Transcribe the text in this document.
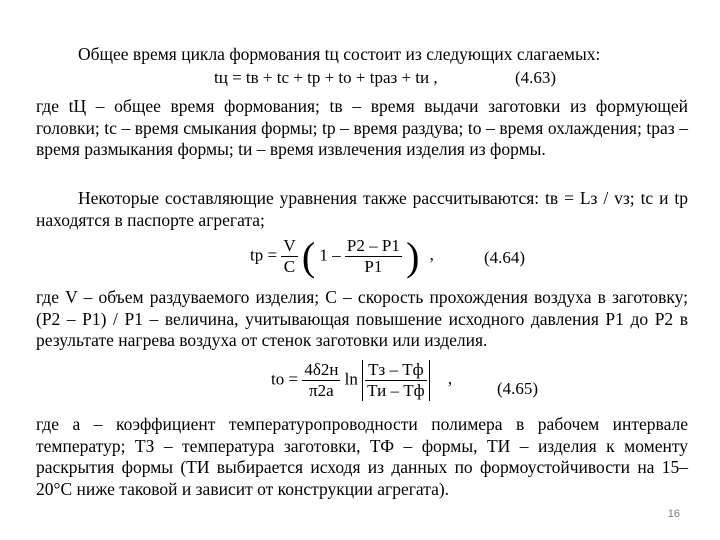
Общее время цикла формования tц состоит из следующих слагаемых:
tц = tв + tс + tр + tо + tраз + tи ,	(4.63)
где tЦ – общее время формования; tв – время выдачи заготовки из формующей головки; tс – время смыкания формы; tр – время раздува; tо – время охлаждения; tраз – время размыкания формы; tи – время извлечения изделия из формы.
Некоторые составляющие уравнения также рассчитываются: tв = Lз / vз; tс и tр находятся в паспорте агрегата;
tр = $\frac{V}{C}$ ( $1 - \frac{P2 - P1}{P1}$ ) ,	(4.64)
где V – объем раздуваемого изделия; C – скорость прохождения воздуха в заготовку; (P2 – P1) / P1 – величина, учитывающая повышение исходного давления P1 до P2 в результате нагрева воздуха от стенок заготовки или изделия.
tо = $\frac{4\delta 2н}{\pi 2a}$ $\ln \frac{Тз - Тф}{Ти - Тф}$ ,
(4.65)
где a – коэффициент температуропроводности полимера в рабочем интервале температур; ТЗ – температура заготовки, ТФ – формы, ТИ – изделия к моменту раскрытия формы (ТИ выбирается исходя из данных по формоустойчивости на 15–20°С ниже таковой и зависит от конструкции агрегата).
16
